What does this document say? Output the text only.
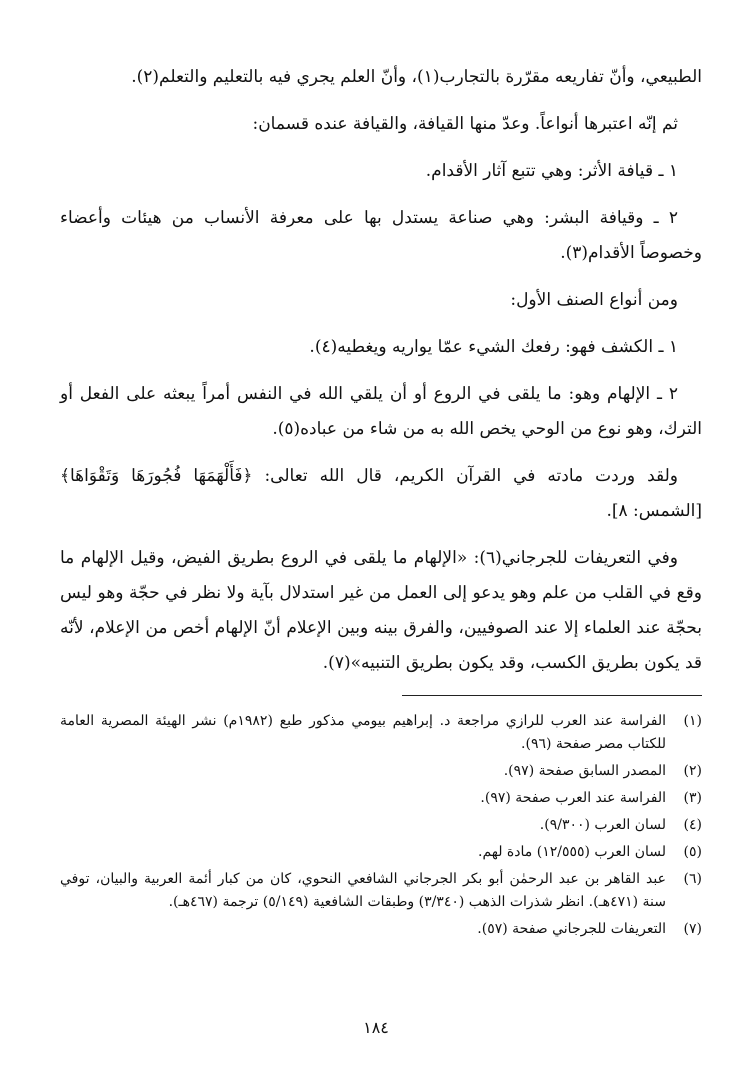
الطبيعي، وأنّ تفاريعه مقرّرة بالتجارب(١)، وأنّ العلم يجري فيه بالتعليم والتعلم(٢).

ثم إنّه اعتبرها أنواعاً. وعدّ منها القيافة، والقيافة عنده قسمان:

١ ـ قيافة الأثر: وهي تتبع آثار الأقدام.

٢ ـ وقيافة البشر: وهي صناعة يستدل بها على معرفة الأنساب من هيئات وأعضاء وخصوصاً الأقدام(٣).

ومن أنواع الصنف الأول:

١ ـ الكشف فهو: رفعك الشيء عمّا يواريه ويغطيه(٤).

٢ ـ الإلهام وهو: ما يلقى في الروع أو أن يلقي الله في النفس أمراً يبعثه على الفعل أو الترك، وهو نوع من الوحي يخص الله به من شاء من عباده(٥).

ولقد وردت مادته في القرآن الكريم، قال الله تعالى: ﴿فَأَلْهَمَهَا فُجُورَهَا وَتَقْوَاهَا﴾ [الشمس: ٨].

وفي التعريفات للجرجاني(٦): «الإلهام ما يلقى في الروع بطريق الفيض، وقيل الإلهام ما وقع في القلب من علم وهو يدعو إلى العمل من غير استدلال بآية ولا نظر في حجّة وهو ليس بحجّة عند العلماء إلا عند الصوفيين، والفرق بينه وبين الإعلام أنّ الإلهام أخص من الإعلام، لأنّه قد يكون بطريق الكسب، وقد يكون بطريق التنبيه»(٧).

(١)
الفراسة عند العرب للرازي مراجعة د. إبراهيم بيومي مذكور طبع (١٩٨٢م) نشر الهيئة المصرية العامة للكتاب مصر صفحة (٩٦).
(٢)
المصدر السابق صفحة (٩٧).
(٣)
الفراسة عند العرب صفحة (٩٧).
(٤)
لسان العرب (٩/٣٠٠).
(٥)
لسان العرب (١٢/٥٥٥) مادة لهم.
(٦)
عبد القاهر بن عبد الرحمٰن أبو بكر الجرجاني الشافعي النحوي، كان من كبار أئمة العربية والبيان، توفي سنة (٤٧١هـ). انظر شذرات الذهب (٣/٣٤٠) وطبقات الشافعية (٥/١٤٩) ترجمة (٤٦٧هـ).
(٧)
التعريفات للجرجاني صفحة (٥٧).
١٨٤
